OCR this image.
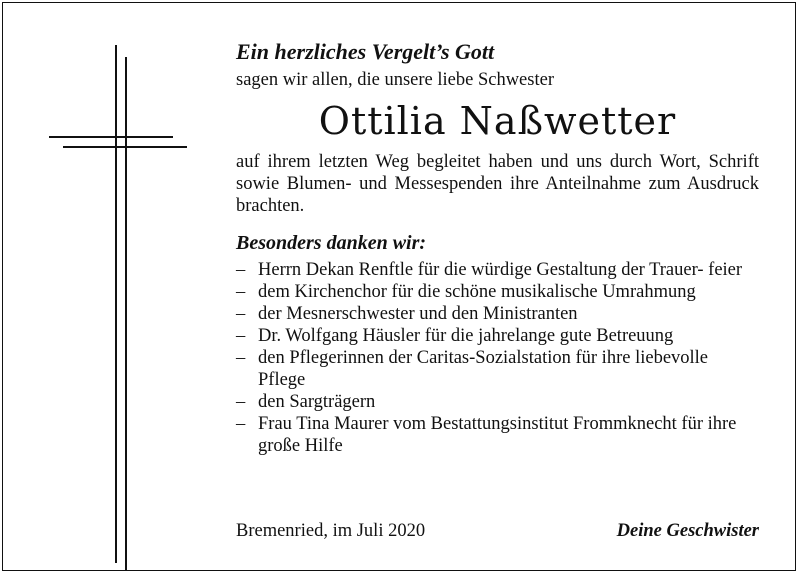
Ein herzliches Vergelt’s Gott
sagen wir allen, die unsere liebe Schwester
Ottilia Naßwetter

auf ihrem letzten Weg begleitet haben und uns durch Wort, Schrift sowie Blumen- und Messespenden ihre Anteilnahme zum Ausdruck brachten.

Besonders danken wir:
– Herrn Dekan Renftle für die würdige Gestaltung der Trauer- feier
– dem Kirchenchor für die schöne musikalische Umrahmung
– der Mesnerschwester und den Ministranten
– Dr. Wolfgang Häusler für die jahrelange gute Betreuung
– den Pflegerinnen der Caritas-Sozialstation für ihre liebevolle Pflege
– den Sargträgern
– Frau Tina Maurer vom Bestattungsinstitut Frommknecht für ihre große Hilfe
Bremenried, im Juli 2020	Deine Geschwister
